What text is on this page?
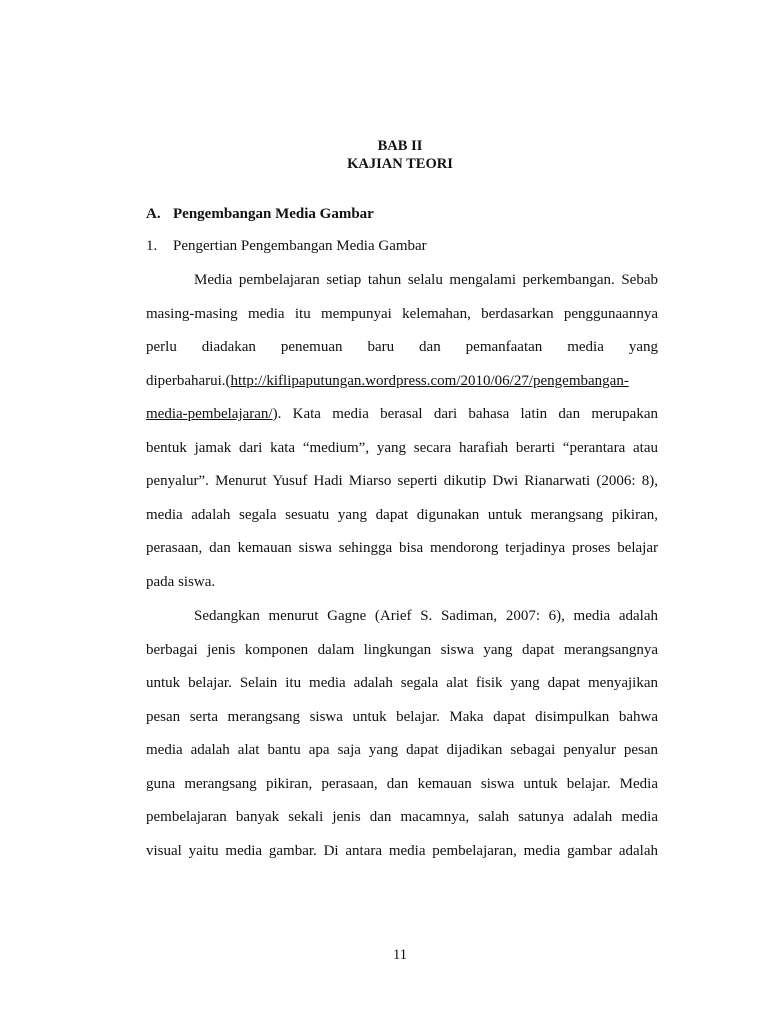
BAB II
KAJIAN TEORI
A. Pengembangan Media Gambar
1. Pengertian Pengembangan Media Gambar
Media pembelajaran setiap tahun selalu mengalami perkembangan. Sebab
masing-masing media itu mempunyai kelemahan, berdasarkan penggunaannya
perlu diadakan penemuan baru dan pemanfaatan media yang
diperbaharui.(http://kiflipaputungan.wordpress.com/2010/06/27/pengembangan-
media-pembelajaran/). Kata media berasal dari bahasa latin dan merupakan
bentuk jamak dari kata “medium”, yang secara harafiah berarti “perantara atau
penyalur”. Menurut Yusuf Hadi Miarso seperti dikutip Dwi Rianarwati (2006: 8),
media adalah segala sesuatu yang dapat digunakan untuk merangsang pikiran,
perasaan, dan kemauan siswa sehingga bisa mendorong terjadinya proses belajar
pada siswa.
Sedangkan menurut Gagne (Arief S. Sadiman, 2007: 6), media adalah
berbagai jenis komponen dalam lingkungan siswa yang dapat merangsangnya
untuk belajar. Selain itu media adalah segala alat fisik yang dapat menyajikan
pesan serta merangsang siswa untuk belajar. Maka dapat disimpulkan bahwa
media adalah alat bantu apa saja yang dapat dijadikan sebagai penyalur pesan
guna merangsang pikiran, perasaan, dan kemauan siswa untuk belajar. Media
pembelajaran banyak sekali jenis dan macamnya, salah satunya adalah media
visual yaitu media gambar. Di antara media pembelajaran, media gambar adalah
11
